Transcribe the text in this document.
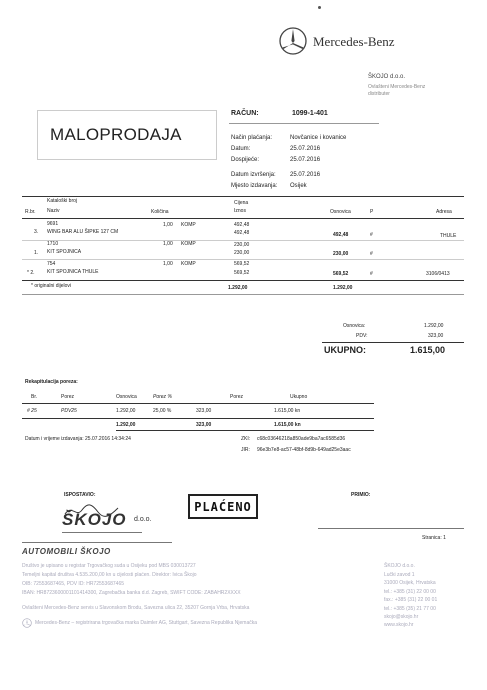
Mercedes-Benz
ŠKOJO d.o.o.
Ovlašteni Mercedes-Benz
distributer
MALOPRODAJA
RAČUN:	1099-1-401
Način plaćanja:	Novčanice i kovanice
Datum:	25.07.2016
Dospijeće:	25.07.2016
Datum izvršenja: 25.07.2016
Mjesto izdavanja: Osijek
Kataloški broj	Cijena
R.br. Naziv	Količina	Iznos	Osnovica	P	Adresa
9691	1,00 KOMP	492,48
3. WING BAR ALU ŠIPKE 127 CM	492,48	492,48	#	THULE
1710	1,00 KOMP	230,00
1. KIT SPOJNICA	230,00	230,00	#
754	1,00 KOMP	569,52
* 2. KIT SPOJNICA THULE	569,52	569,52	#	3106/0413
* originalni dijelovi	1.292,00	1.292,00
Osnovica:	1.292,00
PDV:	323,00
UKUPNO:	1.615,00
Rekapitulacija poreza:
Br.	Porez	Osnovica	Porez %	Porez	Ukupno
# 25	PDV25	1.292,00	25,00 %	323,00	1.615,00 kn
1.292,00	323,00	1.615,00 kn
Datum i vrijeme izdavanja: 25.07.2016 14:34:24	ZKI: c68c03646218a850ade9ba7ac6585d36
JIR: 96e3b7e8-ac57-48bf-8d9b-649ad25e3aac
ISPOSTAVIO:	PRIMIO:
ŠKOJO d.o.o.
PLAĆENO
Stranica: 1
AUTOMOBILI ŠKOJO
Društvo je upisano u registar Trgovačkog suda u Osijeku pod MBS 030013727
Temeljni kapital društva 4.535.200,00 kn u cijelosti plaćen. Direktor: Ivica Škojo
OIB: 72553687465, PDV ID: HR72553687465
IBAN: HR8723600001101414300, Zagrebačka banka d.d. Zagreb, SWIFT CODE: ZABAHR2XXXX
ŠKOJO d.o.o.
Lučki zavod 1
31000 Osijek, Hrvatska
tel.: +385 (31) 22 00 00
fax.: +385 (31) 22 00 01
tel.: +385 (35) 21 77 00
skojo@skojo.hr
www.skojo.hr
Ovlašteni Mercedes-Benz servis u Slavonskom Brodu, Savezna ulica 22, 35207 Gornja Vrba, Hrvatska
Mercedes-Benz – registrirana trgovačka marka Daimler AG, Stuttgart, Savezna Republika Njemačka
